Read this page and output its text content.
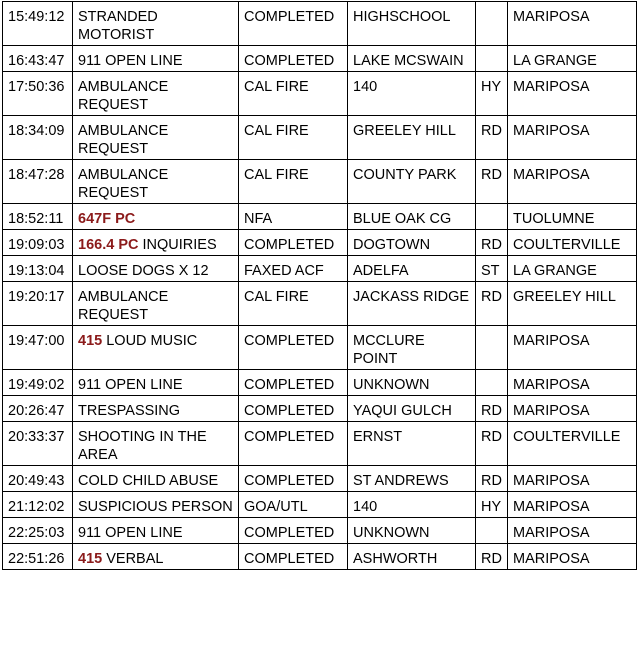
15:49:12	STRANDED MOTORIST	COMPLETED	HIGHSCHOOL		MARIPOSA
16:43:47	911 OPEN LINE	COMPLETED	LAKE MCSWAIN		LA GRANGE
17:50:36	AMBULANCE REQUEST	CAL FIRE	140	HY	MARIPOSA
18:34:09	AMBULANCE REQUEST	CAL FIRE	GREELEY HILL	RD	MARIPOSA
18:47:28	AMBULANCE REQUEST	CAL FIRE	COUNTY PARK	RD	MARIPOSA
18:52:11	647F PC	NFA	BLUE OAK CG		TUOLUMNE
19:09:03	166.4 PC INQUIRIES	COMPLETED	DOGTOWN	RD	COULTERVILLE
19:13:04	LOOSE DOGS X 12	FAXED ACF	ADELFA	ST	LA GRANGE
19:20:17	AMBULANCE REQUEST	CAL FIRE	JACKASS RIDGE	RD	GREELEY HILL
19:47:00	415 LOUD MUSIC	COMPLETED	MCCLURE POINT		MARIPOSA
19:49:02	911 OPEN LINE	COMPLETED	UNKNOWN		MARIPOSA
20:26:47	TRESPASSING	COMPLETED	YAQUI GULCH	RD	MARIPOSA
20:33:37	SHOOTING IN THE AREA	COMPLETED	ERNST	RD	COULTERVILLE
20:49:43	COLD CHILD ABUSE	COMPLETED	ST ANDREWS	RD	MARIPOSA
21:12:02	SUSPICIOUS PERSON	GOA/UTL	140	HY	MARIPOSA
22:25:03	911 OPEN LINE	COMPLETED	UNKNOWN		MARIPOSA
22:51:26	415 VERBAL	COMPLETED	ASHWORTH	RD	MARIPOSA
